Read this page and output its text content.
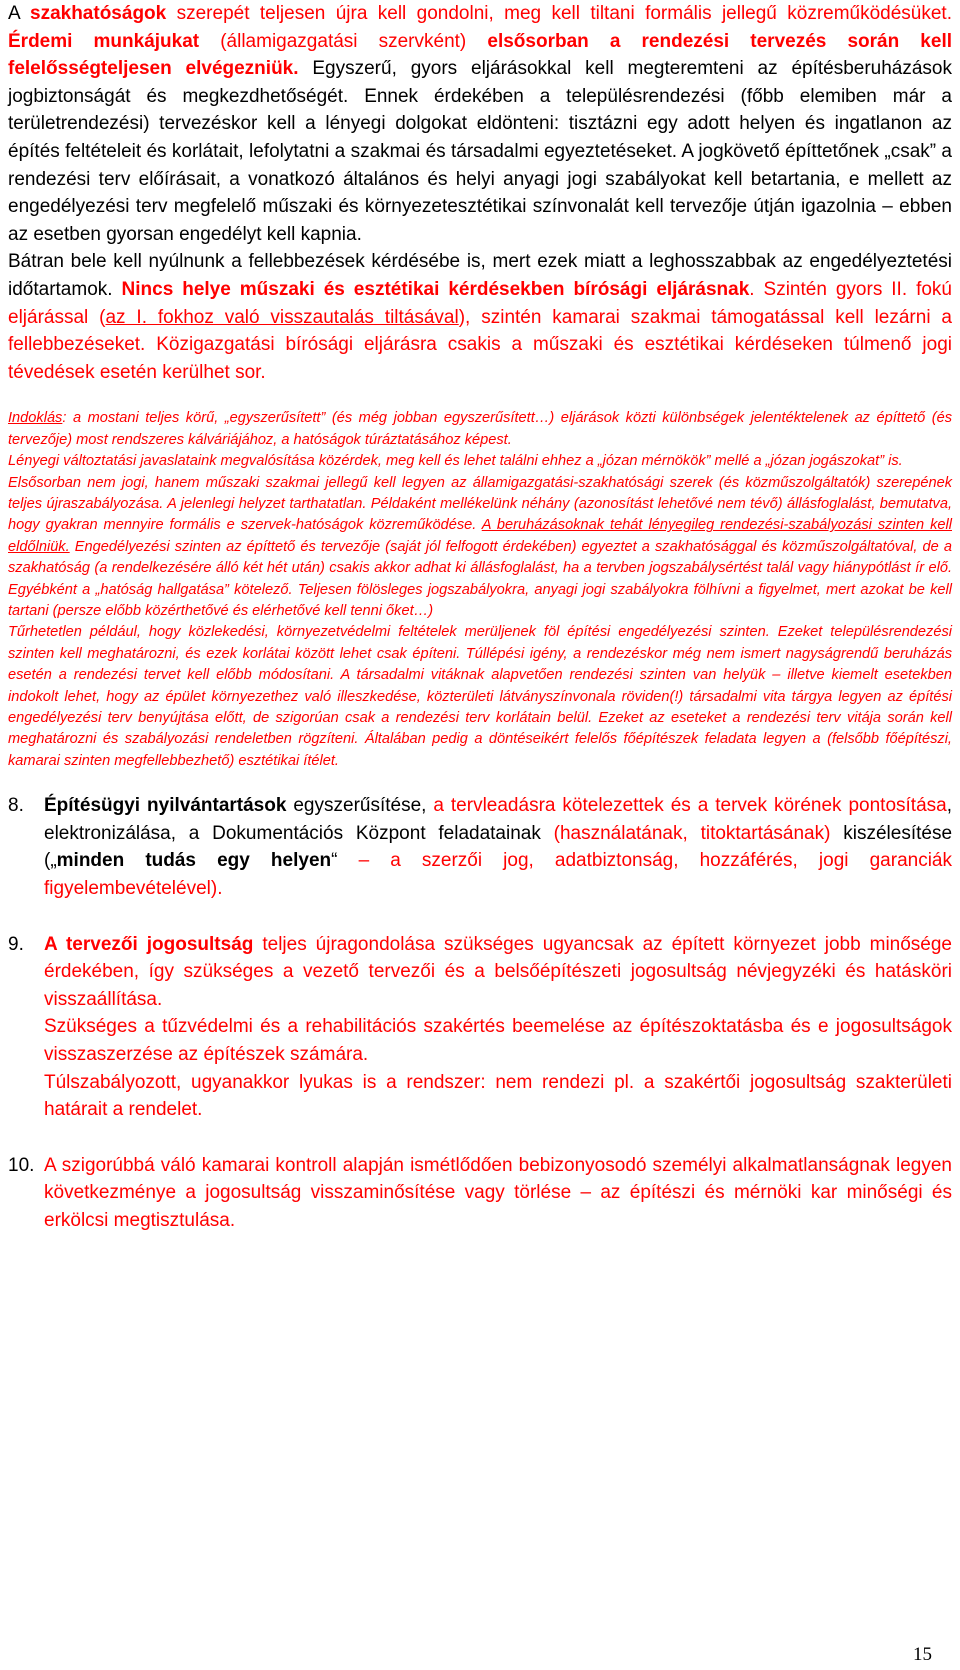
A szakhatóságok szerepét teljesen újra kell gondolni, meg kell tiltani formális jellegű közreműködésüket. Érdemi munkájukat (államigazgatási szervként) elsősorban a rendezési tervezés során kell felelősségteljesen elvégezniük. Egyszerű, gyors eljárásokkal kell megteremteni az építésberuházások jogbiztonságát és megkezdhetőségét. Ennek érdekében a településrendezési (főbb elemiben már a területrendezési) tervezéskor kell a lényegi dolgokat eldönteni: tisztázni egy adott helyen és ingatlanon az építés feltételeit és korlátait, lefolytatni a szakmai és társadalmi egyeztetéseket. A jogkövető építtetőnek „csak” a rendezési terv előírásait, a vonatkozó általános és helyi anyagi jogi szabályokat kell betartania, e mellett az engedélyezési terv megfelelő műszaki és környezetesztétikai színvonalát kell tervezője útján igazolnia – ebben az esetben gyorsan engedélyt kell kapnia.

Bátran bele kell nyúlnunk a fellebbezések kérdésébe is, mert ezek miatt a leghosszabbak az engedélyeztetési időtartamok. Nincs helye műszaki és esztétikai kérdésekben bírósági eljárásnak. Szintén gyors II. fokú eljárással (az I. fokhoz való visszautalás tiltásával), szintén kamarai szakmai támogatással kell lezárni a fellebbezéseket. Közigazgatási bírósági eljárásra csakis a műszaki és esztétikai kérdéseken túlmenő jogi tévedések esetén kerülhet sor.

Indoklás: a mostani teljes körű, „egyszerűsített” (és még jobban egyszerűsített…) eljárások közti különbségek jelentéktelenek az építtető (és tervezője) most rendszeres kálváriájához, a hatóságok túráztatásához képest.

Lényegi változtatási javaslataink megvalósítása közérdek, meg kell és lehet találni ehhez a „józan mérnökök” mellé a „józan jogászokat” is.

Elsősorban nem jogi, hanem műszaki szakmai jellegű kell legyen az államigazgatási-szakhatósági szerek (és közműszolgáltatók) szerepének teljes újraszabályozása. A jelenlegi helyzet tarthatatlan. Példaként mellékelünk néhány (azonosítást lehetővé nem tévő) állásfoglalást, bemutatva, hogy gyakran mennyire formális e szervek-hatóságok közreműködése. A beruházásoknak tehát lényegileg rendezési-szabályozási szinten kell eldőlniük. Engedélyezési szinten az építtető és tervezője (saját jól felfogott érdekében) egyeztet a szakhatósággal és közműszolgáltatóval, de a szakhatóság (a rendelkezésére álló két hét után) csakis akkor adhat ki állásfoglalást, ha a tervben jogszabálysértést talál vagy hiánypótlást ír elő. Egyébként a „hatóság hallgatása” kötelező. Teljesen fölösleges jogszabályokra, anyagi jogi szabályokra fölhívni a figyelmet, mert azokat be kell tartani (persze előbb közérthetővé és elérhetővé kell tenni őket…)

Tűrhetetlen például, hogy közlekedési, környezetvédelmi feltételek merüljenek föl építési engedélyezési szinten. Ezeket településrendezési szinten kell meghatározni, és ezek korlátai között lehet csak építeni. Túllépési igény, a rendezéskor még nem ismert nagyságrendű beruházás esetén a rendezési tervet kell előbb módosítani. A társadalmi vitáknak alapvetően rendezési szinten van helyük – illetve kiemelt esetekben indokolt lehet, hogy az épület környezethez való illeszkedése, közterületi látványszínvonala röviden(!) társadalmi vita tárgya legyen az építési engedélyezési terv benyújtása előtt, de szigorúan csak a rendezési terv korlátain belül. Ezeket az eseteket a rendezési terv vitája során kell meghatározni és szabályozási rendeletben rögzíteni. Általában pedig a döntéseikért felelős főépítészek feladata legyen a (felsőbb főépítészi, kamarai szinten megfellebbezhető) esztétikai ítélet.

8.	Építésügyi nyilvántartások egyszerűsítése, a tervleadásra kötelezettek és a tervek körének pontosítása, elektronizálása, a Dokumentációs Központ feladatainak (használatának, titoktartásának) kiszélesítése („minden tudás egy helyen“ – a szerzői jog, adatbiztonság, hozzáférés, jogi garanciák figyelembevételével).
9.	A tervezői jogosultság teljes újragondolása szükséges ugyancsak az épített környezet jobb minősége érdekében, így szükséges a vezető tervezői és a belsőépítészeti jogosultság névjegyzéki és hatásköri visszaállítása.

Szükséges a tűzvédelmi és a rehabilitációs szakértés beemelése az építészoktatásba és e jogosultságok visszaszerzése az építészek számára.

Túlszabályozott, ugyanakkor lyukas is a rendszer: nem rendezi pl. a szakértői jogosultság szakterületi határait a rendelet.

10. A szigorúbbá váló kamarai kontroll alapján ismétlődően bebizonyosodó személyi alkalmatlanságnak legyen következménye a jogosultság visszaminősítése vagy törlése – az építészi és mérnöki kar minőségi és erkölcsi megtisztulása.
15
